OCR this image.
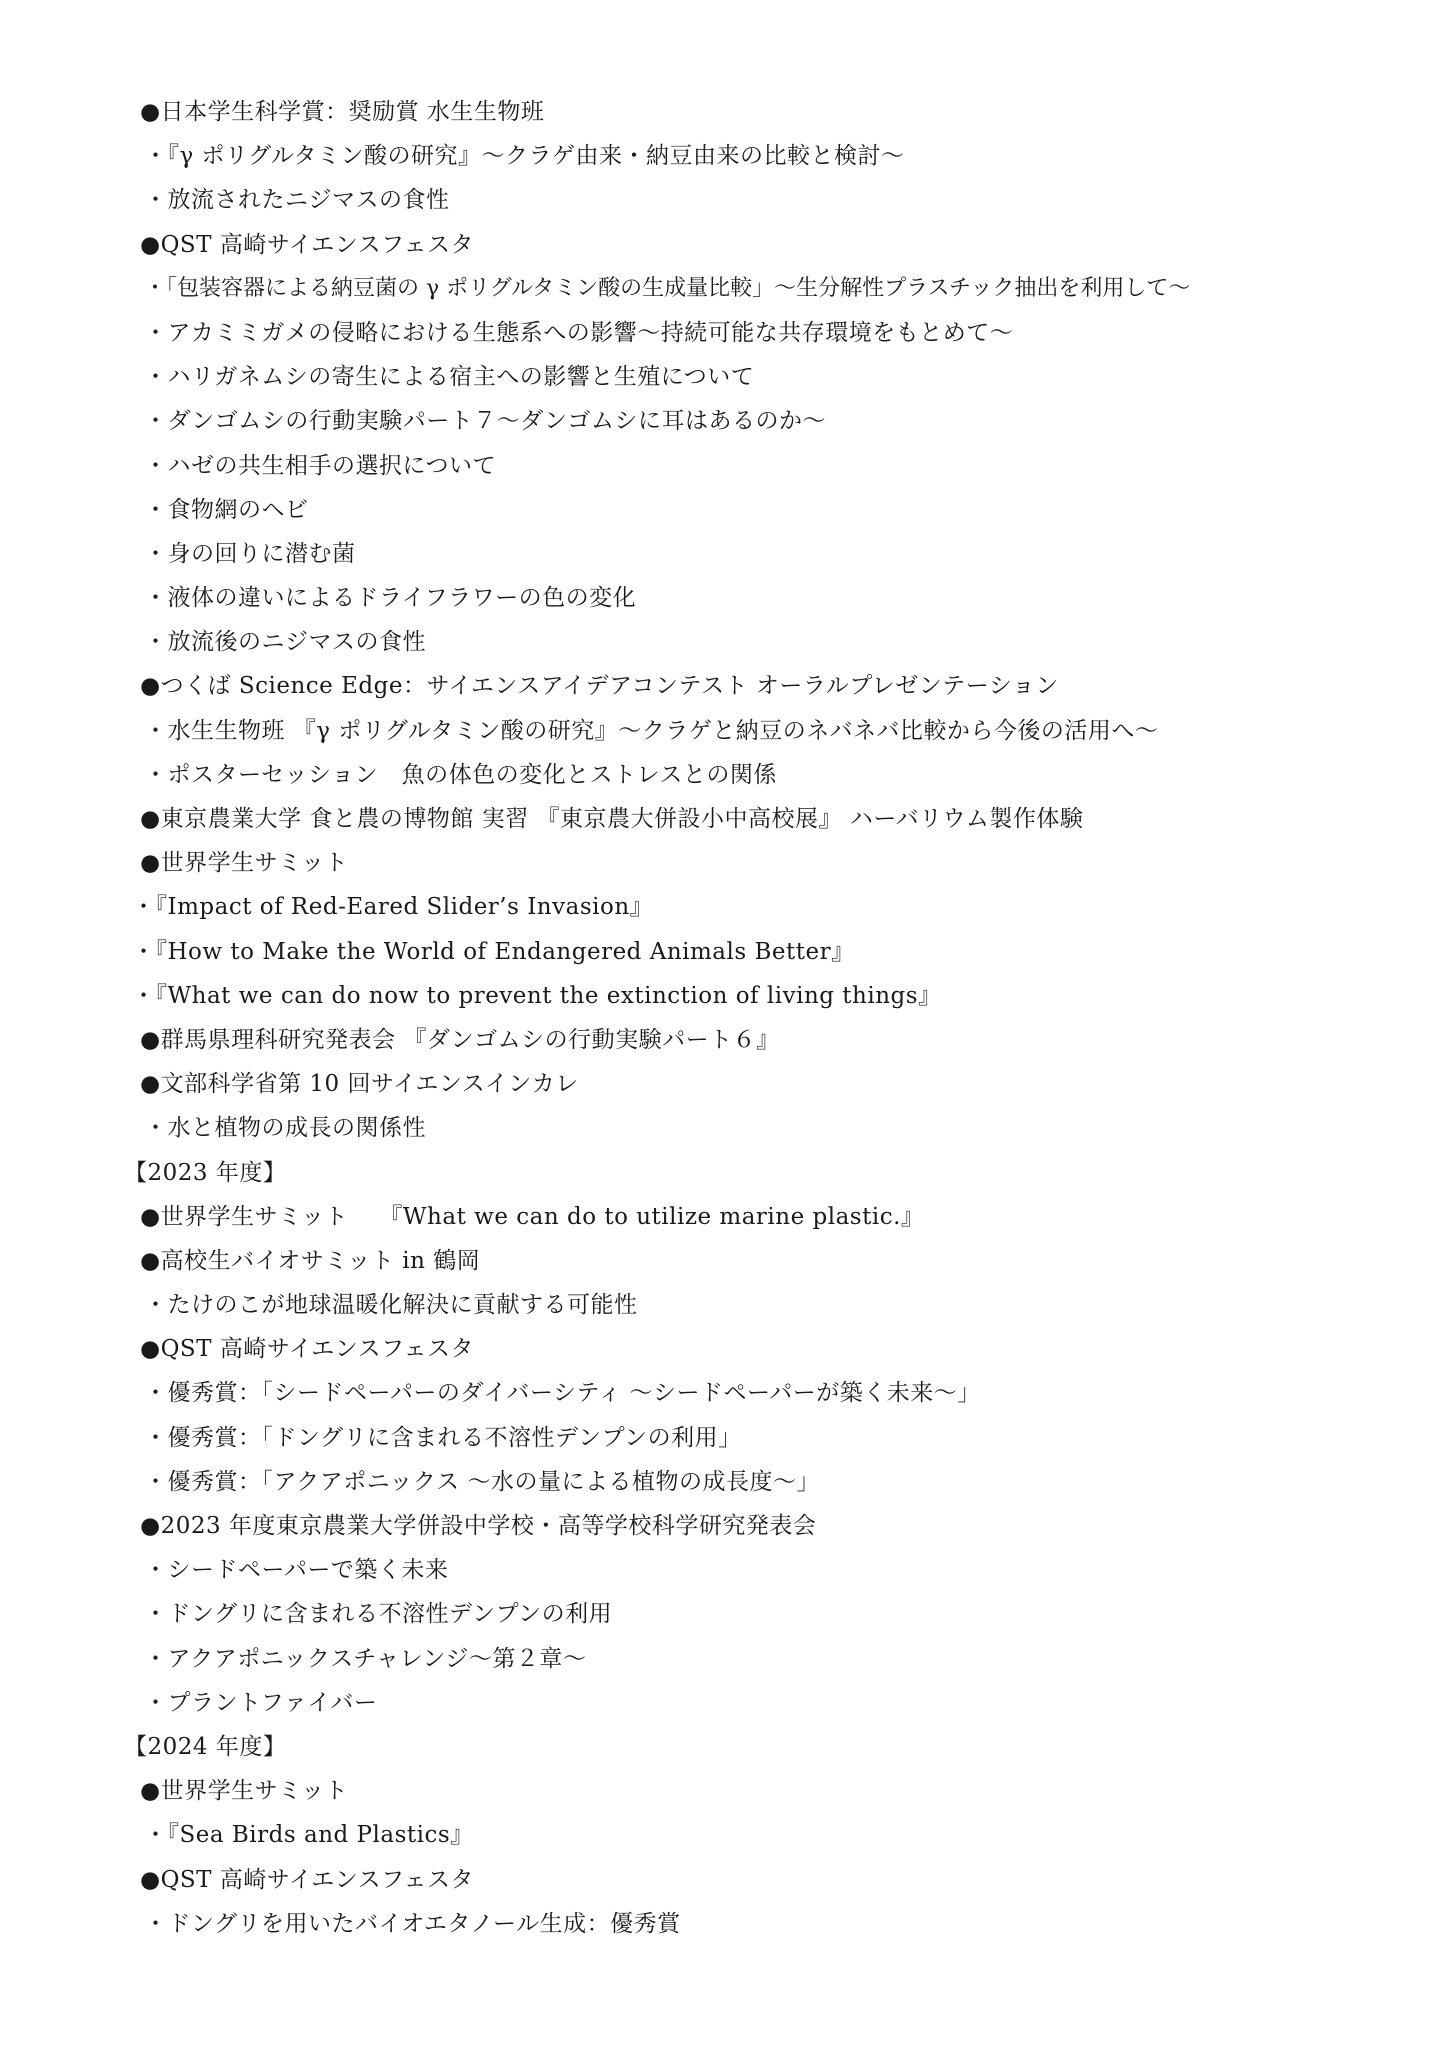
●日本学生科学賞：奨励賞 水生生物班
・『γ ポリグルタミン酸の研究』～クラゲ由来・納豆由来の比較と検討～
・放流されたニジマスの食性
●QST 高崎サイエンスフェスタ
・「包装容器による納豆菌の γ ポリグルタミン酸の生成量比較」～生分解性プラスチック抽出を利用して～
・アカミミガメの侵略における生態系への影響～持続可能な共存環境をもとめて～
・ハリガネムシの寄生による宿主への影響と生殖について
・ダンゴムシの行動実験パート７～ダンゴムシに耳はあるのか～
・ハゼの共生相手の選択について
・食物網のヘビ
・身の回りに潜む菌
・液体の違いによるドライフラワーの色の変化
・放流後のニジマスの食性
●つくば Science Edge：サイエンスアイデアコンテスト オーラルプレゼンテーション
・水生生物班 『γ ポリグルタミン酸の研究』～クラゲと納豆のネバネバ比較から今後の活用へ～
・ポスターセッション　魚の体色の変化とストレスとの関係
●東京農業大学 食と農の博物館 実習 『東京農大併設小中高校展』 ハーバリウム製作体験
●世界学生サミット
・『Impact of Red-Eared Slider’s Invasion』
・『How to Make the World of Endangered Animals Better』
・『What we can do now to prevent the extinction of living things』
●群馬県理科研究発表会 『ダンゴムシの行動実験パート６』
●文部科学省第 10 回サイエンスインカレ
・水と植物の成長の関係性
【2023 年度】
●世界学生サミット　 『What we can do to utilize marine plastic.』
●高校生バイオサミット in 鶴岡
・たけのこが地球温暖化解決に貢献する可能性
●QST 高崎サイエンスフェスタ
・優秀賞：「シードペーパーのダイバーシティ ～シードペーパーが築く未来～」
・優秀賞：「ドングリに含まれる不溶性デンプンの利用」
・優秀賞：「アクアポニックス ～水の量による植物の成長度～」
●2023 年度東京農業大学併設中学校・高等学校科学研究発表会
・シードペーパーで築く未来
・ドングリに含まれる不溶性デンプンの利用
・アクアポニックスチャレンジ～第２章～
・プラントファイバー
【2024 年度】
●世界学生サミット
・『Sea Birds and Plastics』
●QST 高崎サイエンスフェスタ
・ドングリを用いたバイオエタノール生成：優秀賞
